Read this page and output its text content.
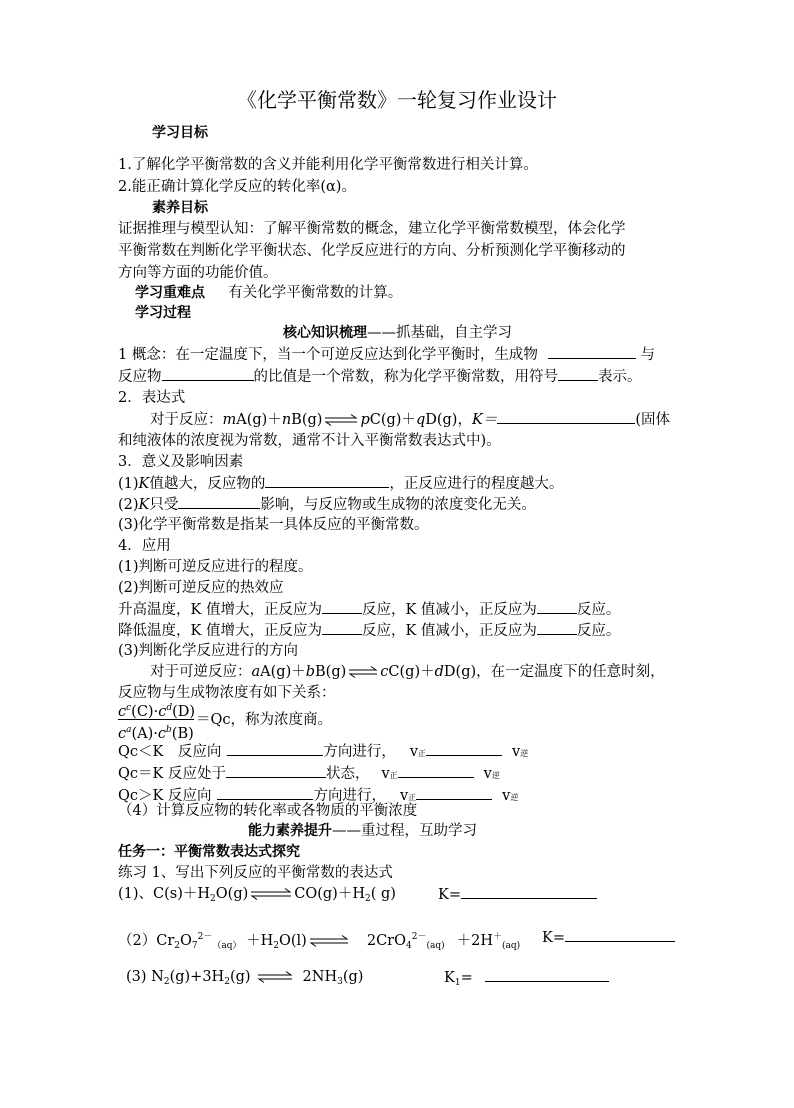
《化学平衡常数》一轮复习作业设计
学习目标
1.了解化学平衡常数的含义并能利用化学平衡常数进行相关计算。
2.能正确计算化学反应的转化率(α)。
素养目标
证据推理与模型认知：了解平衡常数的概念，建立化学平衡常数模型，体会化学
平衡常数在判断化学平衡状态、化学反应进行的方向、分析预测化学平衡移动的
方向等方面的功能价值。
学习重难点 有关化学平衡常数的计算。
学习过程
核心知识梳理——抓基础，自主学习
1 概念：在一定温度下，当一个可逆反应达到化学平衡时，生成物	与
反应物	的比值是一个常数，称为化学平衡常数，用符号	表示。
2．表达式
对于反应：mA(g)＋nB(g) ⇌ pC(g)＋qD(g)，K＝	(固体
和纯液体的浓度视为常数，通常不计入平衡常数表达式中)。
3．意义及影响因素
(1)K值越大，反应物的	，正反应进行的程度越大。
(2)K只受	影响，与反应物或生成物的浓度变化无关。
(3)化学平衡常数是指某一具体反应的平衡常数。
4．应用
(1)判断可逆反应进行的程度。
(2)判断可逆反应的热效应
升高温度，K 值增大，正反应为	反应，K 值减小，正反应为	反应。
降低温度，K 值增大，正反应为	反应，K 值减小，正反应为	反应。
(3)判断化学反应进行的方向
对于可逆反应：aA(g)＋bB(g) ⇌ cC(g)＋dD(g)，在一定温度下的任意时刻，
反应物与生成物浓度有如下关系：
$c^c(C)\cdot c^d(D)$
$c^a(A)\cdot c^b(B)$
＝Qc，称为浓度商。
Qc＜K　反应向	方向进行， v正	v逆
Qc＝K 反应处于	状态， v正	v逆
Qc＞K 反应向	方向进行， v正	v逆
（4）计算反应物的转化率或各物质的平衡浓度
能力素养提升——重过程，互助学习
任务一：平衡常数表达式探究
练习 1、写出下列反应的平衡常数的表达式
(1)、$C(s)+H_2O(g)$ ⇌ $CO(g)+H_2$( g)	K=
$(2)Cr_2O_7^{2-}_{(aq)} +H_2O(l)$ ⇌ $2CrO_4^{2-}_{(aq)} +2H^+_{(aq)}$ K=
(3) $N_2(g)+3H_2(g)$ ⇌ $2NH_3(g)$	$K_1=$
